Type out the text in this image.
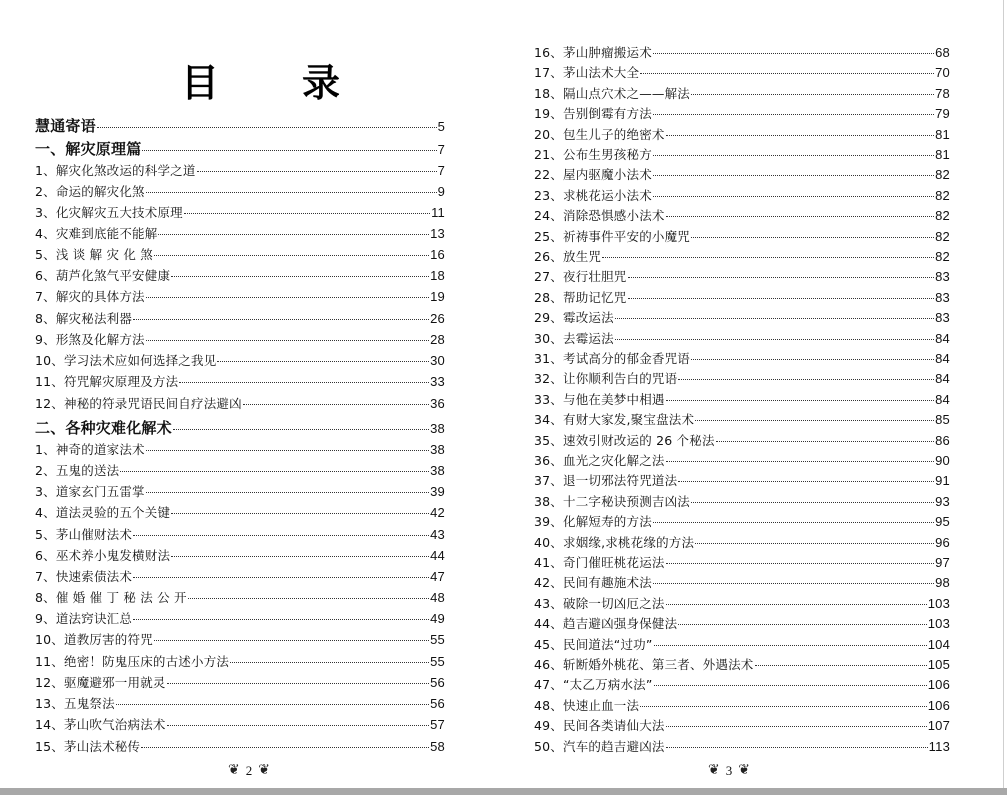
目 录
慧通寄语	5
一、解灾原理篇	7
1、解灾化煞改运的科学之道	7
2、命运的解灾化煞	9
3、化灾解灾五大技术原理	11
4、灾难到底能不能解	13
5、浅 谈 解 灾 化 煞	16
6、葫芦化煞气平安健康	18
7、解灾的具体方法	19
8、解灾秘法利器	26
9、形煞及化解方法	28
10、学习法术应如何选择之我见	30
11、符咒解灾原理及方法	33
12、神秘的符录咒语民间自疗法避凶	36
二、各种灾难化解术	38
1、神奇的道家法术	38
2、五鬼的送法	38
3、道家玄门五雷掌	39
4、道法灵验的五个关键	42
5、茅山催财法术	43
6、巫术养小鬼发横财法	44
7、快速索债法术	47
8、催 婚 催 丁 秘 法 公 开	48
9、道法窍诀汇总	49
10、道教厉害的符咒	55
11、绝密！防鬼压床的古述小方法	55
12、驱魔避邪一用就灵	56
13、五鬼祭法	56
14、茅山吹气治病法术	57
15、茅山法术秘传	58
❦ 2 ❦
16、茅山肿瘤搬运术	68
17、茅山法术大全	70
18、隔山点穴术之——解法	78
19、告别倒霉有方法	79
20、包生儿子的绝密术	81
21、公布生男孩秘方	81
22、屋内驱魔小法术	82
23、求桃花运小法术	82
24、消除恐惧感小法术	82
25、祈祷事件平安的小魔咒	82
26、放生咒	82
27、夜行壮胆咒	83
28、帮助记忆咒	83
29、霉改运法	83
30、去霉运法	84
31、考试高分的郁金香咒语	84
32、让你顺利告白的咒语	84
33、与他在美梦中相遇	84
34、有财大家发,聚宝盘法术	85
35、速效引财改运的 26 个秘法	86
36、血光之灾化解之法	90
37、退一切邪法符咒道法	91
38、十二字秘诀预测吉凶法	93
39、化解短寿的方法	95
40、求姻缘,求桃花缘的方法	96
41、奇门催旺桃花运法	97
42、民间有趣施术法	98
43、破除一切凶厄之法	103
44、趋吉避凶强身保健法	103
45、民间道法“过功”	104
46、斩断婚外桃花、第三者、外遇法术	105
47、“太乙万病水法”	106
48、快速止血一法	106
49、民间各类请仙大法	107
50、汽车的趋吉避凶法	113
❦ 3 ❦
